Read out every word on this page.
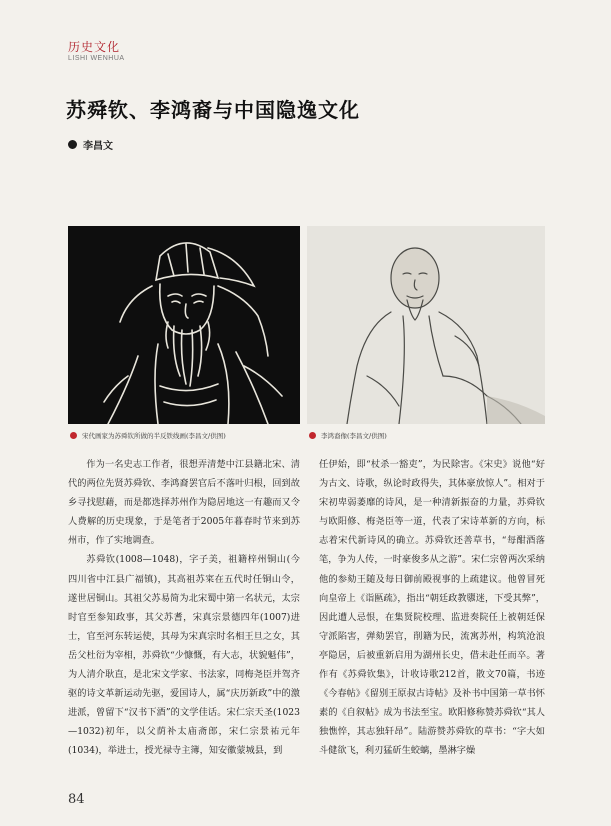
历史文化
LISHI WENHUA
苏舜钦、李鸿裔与中国隐逸文化
李昌文
宋代画家为苏舜钦所做的半反铁线画(李昌文/供图)	李鸿裔像(李昌文/供图)

作为一名史志工作者，很想弄清楚中江县籍北宋、清代的两位先贤苏舜钦、李鸿裔罢官后不落叶归根，回到故乡寻找慰藉，而是都选择苏州作为隐居地这一有趣而又令人费解的历史现象，于是笔者于2005年暮春时节来到苏州市，作了实地调查。

苏舜钦(1008—1048)，字子美，祖籍梓州铜山(今四川省中江县广福镇)，其高祖苏寀在五代时任铜山令，遂世居铜山。其祖父苏易简为北宋蜀中第一名状元，太宗时官至参知政事，其父苏耆，宋真宗景德四年(1007)进士，官至河东转运使，其母为宋真宗时名相王旦之女，其岳父杜衍为宰相，苏舜钦“少慷慨，有大志，状貌魁伟”，为人清介耿直，是北宋文学家、书法家，同梅尧臣并驾齐驱的诗文革新运动先驱，爱国诗人，属“庆历新政”中的激进派，曾留下“汉书下酒”的文学佳话。宋仁宗天圣(1023—1032)初年，以父荫补太庙斋郎，宋仁宗景祐元年(1034)，举进士，授光禄寺主簿，知安徽蒙城县，到

任伊始，即“杖杀一豁吏”，为民除害。《宋史》说他“好为古文、诗歌，纵论时政得失，其体豪放惊人”。相对于宋初卑弱萎靡的诗风，是一种清新振奋的力量，苏舜钦与欧阳修、梅尧臣等一道，代表了宋诗革新的方向，标志着宋代新诗风的确立。苏舜钦还善草书，“每酣酒落笔，争为人传，一时豪俊多从之游”。宋仁宗曾两次采纳他的参劾王随及每日御前殿视事的上疏建议。他曾冒死向皇帝上《诣匦疏》，指出“朝廷政教隳迷，下受其弊”，因此遭人忌恨，在集贤院校理、监进奏院任上被朝廷保守派陷害，弹劾罢官，削籍为民，流寓苏州，构筑沧浪亭隐居，后被重新启用为湖州长史，借未赴任而卒。著作有《苏舜钦集》，计收诗歌212首，散文70篇，书迹《今春帖》《留别王原叔古诗帖》及补书中国第一草书怀素的《自叙帖》成为书法至宝。欧阳修称赞苏舜钦“其人独憔悴，其志独轩昂”。陆游赞苏舜钦的草书：“字大如斗健欲飞，利刃猛斫生蛟螭，墨淋字燥

84
